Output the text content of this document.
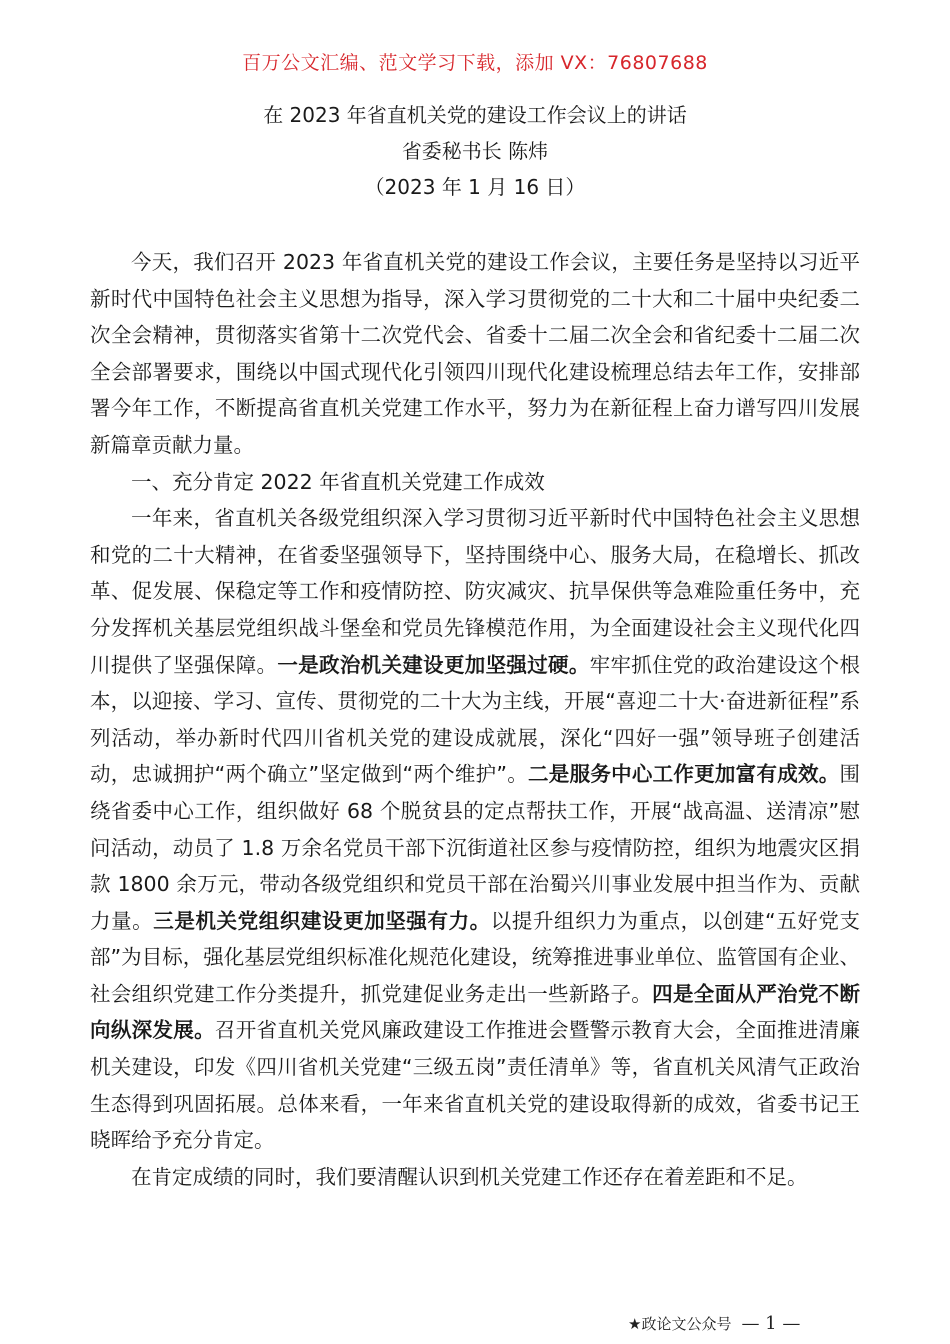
百万公文汇编、范文学习下载，添加 VX：76807688
在 2023 年省直机关党的建设工作会议上的讲话
省委秘书长 陈炜
（2023 年 1 月 16 日）

今天，我们召开 2023 年省直机关党的建设工作会议，主要任务是坚持以习近平新时代中国特色社会主义思想为指导，深入学习贯彻党的二十大和二十届中央纪委二次全会精神，贯彻落实省第十二次党代会、省委十二届二次全会和省纪委十二届二次全会部署要求，围绕以中国式现代化引领四川现代化建设梳理总结去年工作，安排部署今年工作，不断提高省直机关党建工作水平，努力为在新征程上奋力谱写四川发展新篇章贡献力量。

一、充分肯定 2022 年省直机关党建工作成效

一年来，省直机关各级党组织深入学习贯彻习近平新时代中国特色社会主义思想和党的二十大精神，在省委坚强领导下，坚持围绕中心、服务大局，在稳增长、抓改革、促发展、保稳定等工作和疫情防控、防灾减灾、抗旱保供等急难险重任务中，充分发挥机关基层党组织战斗堡垒和党员先锋模范作用，为全面建设社会主义现代化四川提供了坚强保障。一是政治机关建设更加坚强过硬。牢牢抓住党的政治建设这个根本，以迎接、学习、宣传、贯彻党的二十大为主线，开展“喜迎二十大·奋进新征程”系列活动，举办新时代四川省机关党的建设成就展，深化“四好一强”领导班子创建活动，忠诚拥护“两个确立”坚定做到“两个维护”。二是服务中心工作更加富有成效。围绕省委中心工作，组织做好 68 个脱贫县的定点帮扶工作，开展“战高温、送清凉”慰问活动，动员了 1.8 万余名党员干部下沉街道社区参与疫情防控，组织为地震灾区捐款 1800 余万元，带动各级党组织和党员干部在治蜀兴川事业发展中担当作为、贡献力量。三是机关党组织建设更加坚强有力。以提升组织力为重点，以创建“五好党支部”为目标，强化基层党组织标准化规范化建设，统筹推进事业单位、监管国有企业、社会组织党建工作分类提升，抓党建促业务走出一些新路子。四是全面从严治党不断向纵深发展。召开省直机关党风廉政建设工作推进会暨警示教育大会，全面推进清廉机关建设，印发《四川省机关党建“三级五岗”责任清单》等，省直机关风清气正政治生态得到巩固拓展。总体来看，一年来省直机关党的建设取得新的成效，省委书记王晓晖给予充分肯定。

在肯定成绩的同时，我们要清醒认识到机关党建工作还存在着差距和不足。

★政论文公众号 — 1 —
